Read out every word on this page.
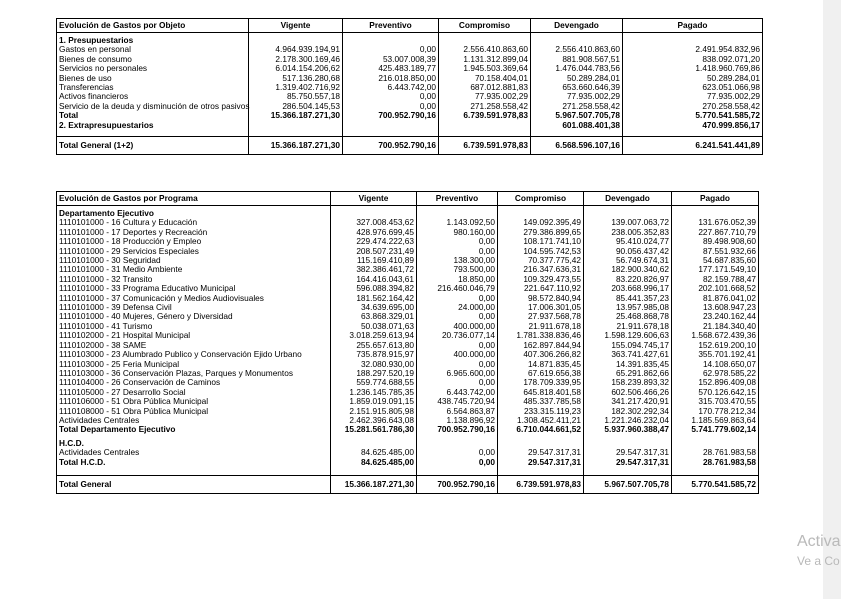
Evolución de Gastos por Objeto	Vigente	Preventivo	Compromiso	Devengado	Pagado

1. Presupuestarios					
Gastos en personal	4.964.939.194,91	0,00	2.556.410.863,60	2.556.410.863,60	2.491.954.832,96
Bienes de consumo	2.178.300.169,46	53.007.008,39	1.131.312.899,04	881.908.567,51	838.092.071,20
Servicios no personales	6.014.154.206,62	425.483.189,77	1.945.503.369,64	1.476.044.783,56	1.418.960.769,86
Bienes de uso	517.136.280,68	216.018.850,00	70.158.404,01	50.289.284,01	50.289.284,01
Transferencias	1.319.402.716,92	6.443.742,00	687.012.881,83	653.660.646,39	623.051.066,98
Activos financieros	85.750.557,18	0,00	77.935.002,29	77.935.002,29	77.935.002,29
Servicio de la deuda y disminución de otros pasivos	286.504.145,53	0,00	271.258.558,42	271.258.558,42	270.258.558,42
Total	15.366.187.271,30	700.952.790,16	6.739.591.978,83	5.967.507.705,78	5.770.541.585,72
2. Extrapresupuestarios				601.088.401,38	470.999.856,17

Total General (1+2)	15.366.187.271,30	700.952.790,16	6.739.591.978,83	6.568.596.107,16	6.241.541.441,89
Evolución de Gastos por Programa	Vigente	Preventivo	Compromiso	Devengado	Pagado

Departamento Ejecutivo					
1110101000 - 16 Cultura y Educación	327.008.453,62	1.143.092,50	149.092.395,49	139.007.063,72	131.676.052,39
1110101000 - 17 Deportes y Recreación	428.976.699,45	980.160,00	279.386.899,65	238.005.352,83	227.867.710,79
1110101000 - 18 Producción y Empleo	229.474.222,63	0,00	108.171.741,10	95.410.024,77	89.498.908,60
1110101000 - 29 Servicios Especiales	208.507.231,49	0,00	104.595.742,53	90.056.437,42	87.551.932,66
1110101000 - 30 Seguridad	115.169.410,89	138.300,00	70.377.775,42	56.749.674,31	54.687.835,60
1110101000 - 31 Medio Ambiente	382.386.461,72	793.500,00	216.347.636,31	182.900.340,62	177.171.549,10
1110101000 - 32 Transito	164.416.043,61	18.850,00	109.329.473,55	83.220.826,97	82.159.788,47
1110101000 - 33 Programa Educativo Municipal	596.088.394,82	216.460.046,79	221.647.110,92	203.668.996,17	202.101.668,52
1110101000 - 37 Comunicación y Medios Audiovisuales	181.562.164,42	0,00	98.572.840,94	85.441.357,23	81.876.041,02
1110101000 - 39 Defensa Civil	34.639.695,00	24.000,00	17.006.301,05	13.957.985,08	13.608.947,23
1110101000 - 40 Mujeres, Género y Diversidad	63.868.329,01	0,00	27.937.568,78	25.468.868,78	23.240.162,44
1110101000 - 41 Turismo	50.038.071,63	400.000,00	21.911.678,18	21.911.678,18	21.184.340,40
1110102000 - 21 Hospital Municipal	3.018.259.613,94	20.736.077,14	1.781.338.836,46	1.598.129.606,63	1.568.672.439,36
1110102000 - 38 SAME	255.657.613,80	0,00	162.897.844,94	155.094.745,17	152.619.200,10
1110103000 - 23 Alumbrado Publico y Conservación Ejido Urbano	735.878.915,97	400.000,00	407.306.266,82	363.741.427,61	355.701.192,41
1110103000 - 25 Feria Municipal	32.080.930,00	0,00	14.871.835,45	14.391.835,45	14.108.650,07
1110103000 - 36 Conservación Plazas, Parques y Monumentos	188.297.520,19	6.965.600,00	67.619.656,38	65.291.862,66	62.978.585,22
1110104000 - 26 Conservación de Caminos	559.774.688,55	0,00	178.709.339,95	158.239.893,32	152.896.409,08
1110105000 - 27 Desarrollo Social	1.236.145.785,35	6.443.742,00	645.818.401,58	602.506.466,26	570.126.642,15
1110106000 - 51 Obra Pública Municipal	1.859.019.091,15	438.745.720,94	485.337.785,58	341.217.420,91	315.703.470,55
1110108000 - 51 Obra Pública Municipal	2.151.915.805,98	6.564.863,87	233.315.119,23	182.302.292,34	170.778.212,34
Actividades Centrales	2.462.396.643,08	1.138.896,92	1.308.452.411,21	1.221.246.232,04	1.185.569.863,64
Total Departamento Ejecutivo	15.281.561.786,30	700.952.790,16	6.710.044.661,52	5.937.960.388,47	5.741.779.602,14

H.C.D.					
Actividades Centrales	84.625.485,00	0,00	29.547.317,31	29.547.317,31	28.761.983,58
Total H.C.D.	84.625.485,00	0,00	29.547.317,31	29.547.317,31	28.761.983,58

Total General	15.366.187.271,30	700.952.790,16	6.739.591.978,83	5.967.507.705,78	5.770.541.585,72
Activa
Ve a Co
